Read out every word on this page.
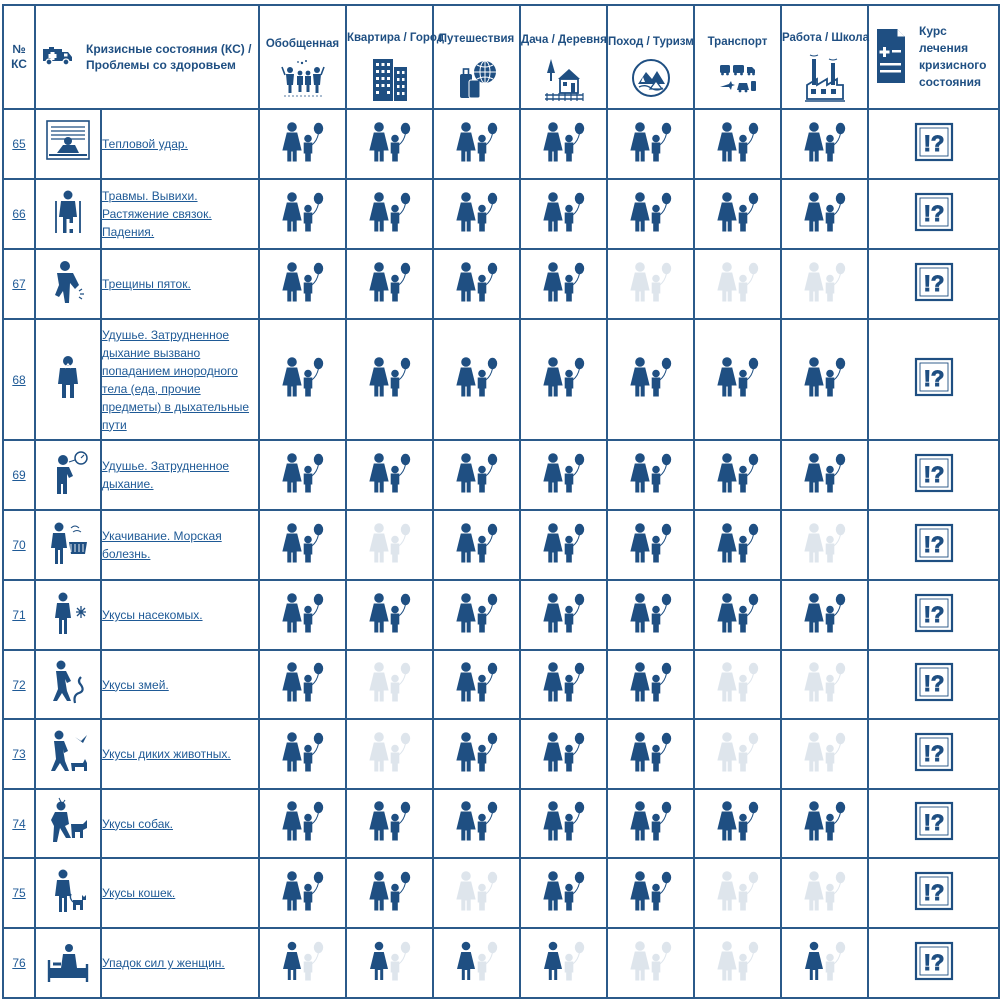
№
КС	Кризисные состояния (КС) / Проблемы со здоровьем		Обобщенная	Квартира / Город	Путешествия	Дача / Деревня	Поход / Туризм	Транспорт	Работа / Школа	Курс лечения кризисного состояния

65		Тепловой удар.								
66		Травмы. Вывихи. Растяжение связок. Падения.								
67		Трещины пяток.								
68		Удушье. Затрудненное дыхание вызвано попаданием инородного тела (еда, прочие предметы) в дыхательные пути								
69		Удушье. Затрудненное дыхание.								
70		Укачивание. Морская болезнь.								
71		Укусы насекомых.								
72		Укусы змей.								
73		Укусы диких животных.								
74		Укусы собак.								
75		Укусы кошек.								
76		Упадок сил у женщин.								
